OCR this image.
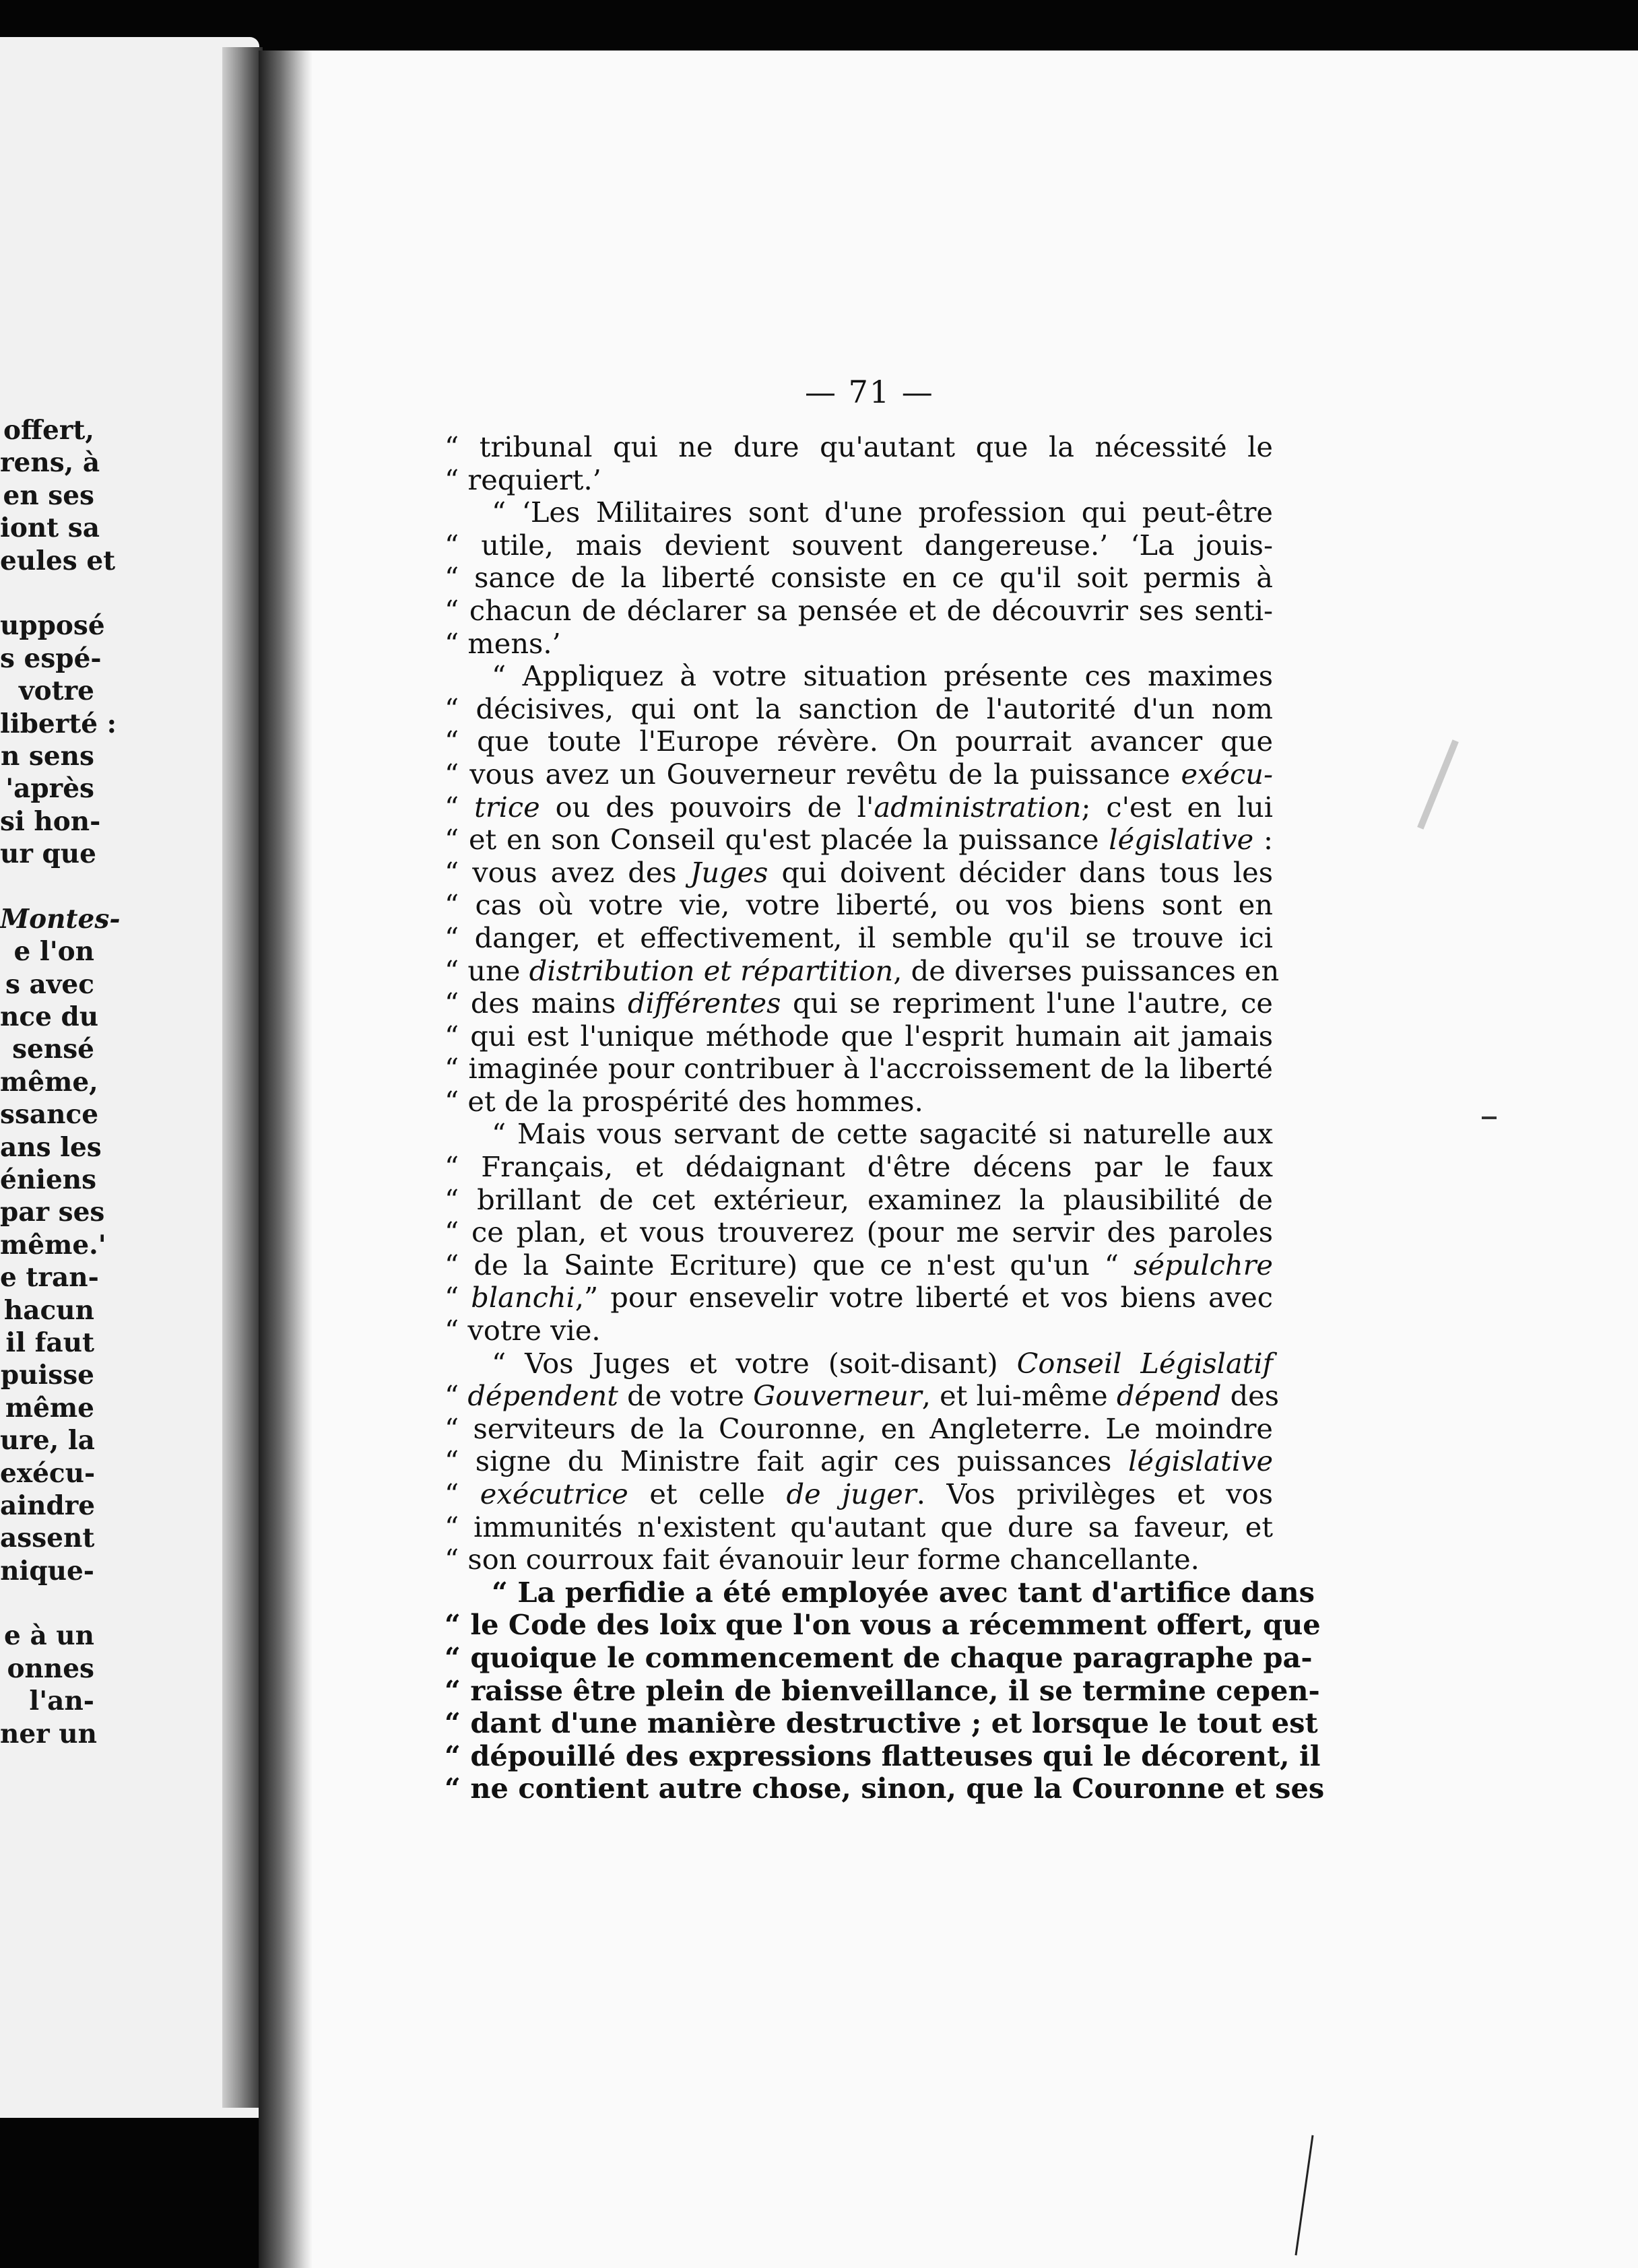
offert,
rens, à
en ses
iont sa
eules et
upposé
s espé-
votre
liberté :
n sens
'après
si hon-
ur que
Montes-
e l'on
s avec
nce du
sensé
même,
ssance
ans les
éniens
par ses
même.'
e tran-
hacun
il faut
puisse
même
ure, la
exécu-
aindre
assent
nique-
e à un
onnes
l'an-
ner un
— 71 —
“ tribunal qui ne dure qu'autant que la nécessité le
“ requiert.’
“ ‘Les Militaires sont d'une profession qui peut-être
“ utile, mais devient souvent dangereuse.’ ‘La jouis-
“ sance de la liberté consiste en ce qu'il soit permis à
“ chacun de déclarer sa pensée et de découvrir ses senti-
“ mens.’
“ Appliquez à votre situation présente ces maximes
“ décisives, qui ont la sanction de l'autorité d'un nom
“ que toute l'Europe révère. On pourrait avancer que
“ vous avez un Gouverneur revêtu de la puissance exécu-
“ trice ou des pouvoirs de l'administration; c'est en lui
“ et en son Conseil qu'est placée la puissance législative :
“ vous avez des Juges qui doivent décider dans tous les
“ cas où votre vie, votre liberté, ou vos biens sont en
“ danger, et effectivement, il semble qu'il se trouve ici
“ une distribution et répartition, de diverses puissances en
“ des mains différentes qui se repriment l'une l'autre, ce
“ qui est l'unique méthode que l'esprit humain ait jamais
“ imaginée pour contribuer à l'accroissement de la liberté
“ et de la prospérité des hommes.
“ Mais vous servant de cette sagacité si naturelle aux
“ Français, et dédaignant d'être décens par le faux
“ brillant de cet extérieur, examinez la plausibilité de
“ ce plan, et vous trouverez (pour me servir des paroles
“ de la Sainte Ecriture) que ce n'est qu'un “ sépulchre
“ blanchi,” pour ensevelir votre liberté et vos biens avec
“ votre vie.
“ Vos Juges et votre (soit-disant) Conseil Législatif
“ dépendent de votre Gouverneur, et lui-même dépend des
“ serviteurs de la Couronne, en Angleterre. Le moindre
“ signe du Ministre fait agir ces puissances législative
“ exécutrice et celle de juger. Vos privilèges et vos
“ immunités n'existent qu'autant que dure sa faveur, et
“ son courroux fait évanouir leur forme chancellante.
“ La perfidie a été employée avec tant d'artifice dans
“ le Code des loix que l'on vous a récemment offert, que
“ quoique le commencement de chaque paragraphe pa-
“ raisse être plein de bienveillance, il se termine cepen-
“ dant d'une manière destructive ; et lorsque le tout est
“ dépouillé des expressions flatteuses qui le décorent, il
“ ne contient autre chose, sinon, que la Couronne et ses
